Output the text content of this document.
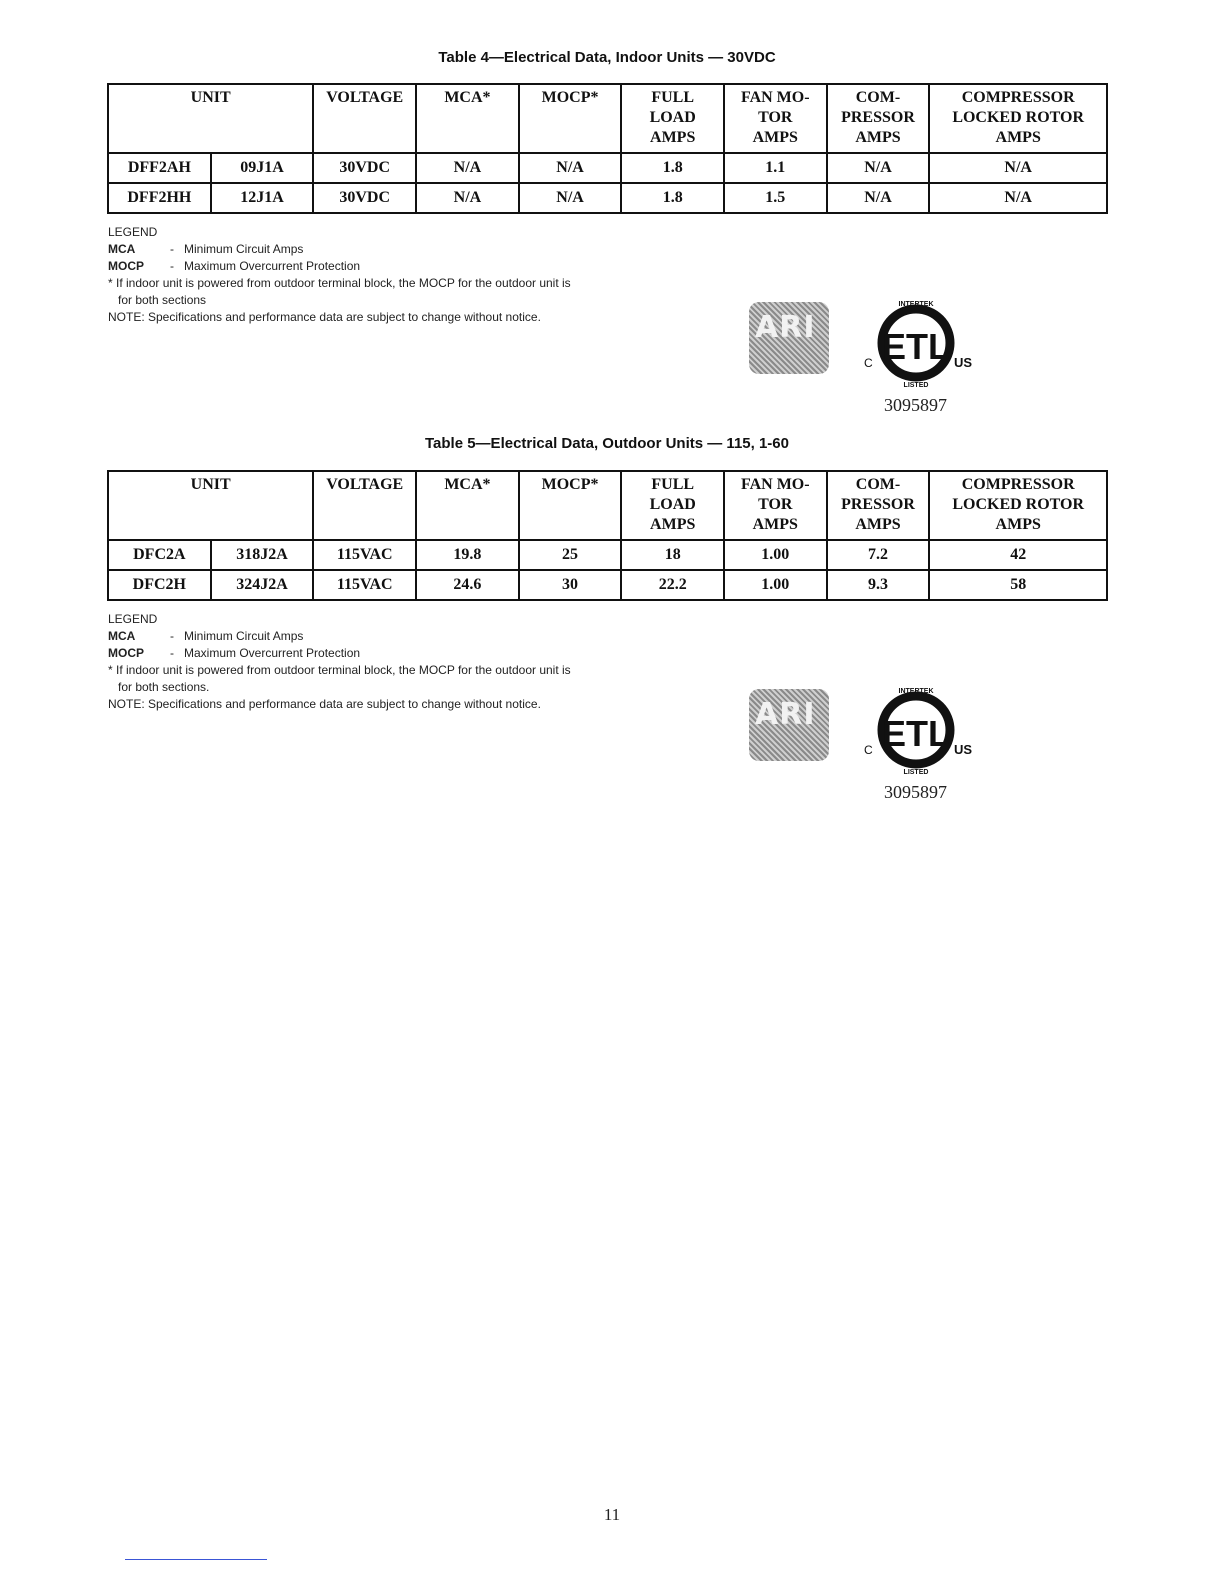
Table 4—Electrical Data, Indoor Units — 30VDC
UNIT		VOLTAGE	MCA*	MOCP*	FULL
LOAD
AMPS	FAN MO-
TOR
AMPS	COM-
PRESSOR
AMPS	COMPRESSOR
LOCKED ROTOR
AMPS
DFF2AH	09J1A	30VDC	N/A	N/A	1.8	1.1	N/A	N/A
DFF2HH	12J1A	30VDC	N/A	N/A	1.8	1.5	N/A	N/A
LEGEND
MCA	- Minimum Circuit Amps
MOCP - Maximum Overcurrent Protection
* If indoor unit is powered from outdoor terminal block, the MOCP for the outdoor unit is for both sections
NOTE: Specifications and performance data are subject to change without notice.	ARI ETL
INTERTEK
LISTED
C	US
3095897
Table 5—Electrical Data, Outdoor Units — 115, 1-60
UNIT		VOLTAGE	MCA*	MOCP*	FULL
LOAD
AMPS	FAN MO-
TOR
AMPS	COM-
PRESSOR
AMPS	COMPRESSOR
LOCKED ROTOR
AMPS
DFC2A	318J2A	115VAC	19.8	25	18	1.00	7.2	42
DFC2H	324J2A	115VAC	24.6	30	22.2	1.00	9.3	58
LEGEND
MCA	- Minimum Circuit Amps
MOCP - Maximum Overcurrent Protection
* If indoor unit is powered from outdoor terminal block, the MOCP for the outdoor unit is for both sections.
NOTE: Specifications and performance data are subject to change without notice.	ARI ETL
INTERTEK
LISTED
C	US
3095897
11
